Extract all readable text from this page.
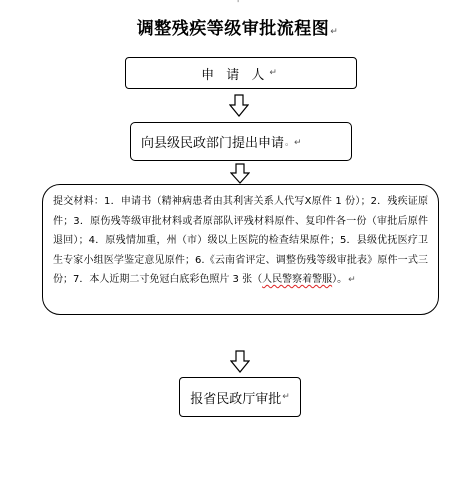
'
调整残疾等级审批流程图↵
申 请 人 ↵
向县级民政部门提出申请 。↵
提交材料：1．申请书（精神病患者由其利害关系人代写Ⅹ原件 1 份）；2．残疾证原件；3．原伤残等级审批材料或者原部队评残材料原件、复印件各一份（审批后原件退回）；4．原残情加重，州（市）级以上医院的检查结果原件；5．县级优抚医疗卫生专家小组医学鉴定意见原件；6.《云南省评定、调整伤残等级审批表》原件一式三份；7．本人近期二寸免冠白底彩色照片 3 张（人民警察着警服）。↵
报省民政厅审批 ↵
